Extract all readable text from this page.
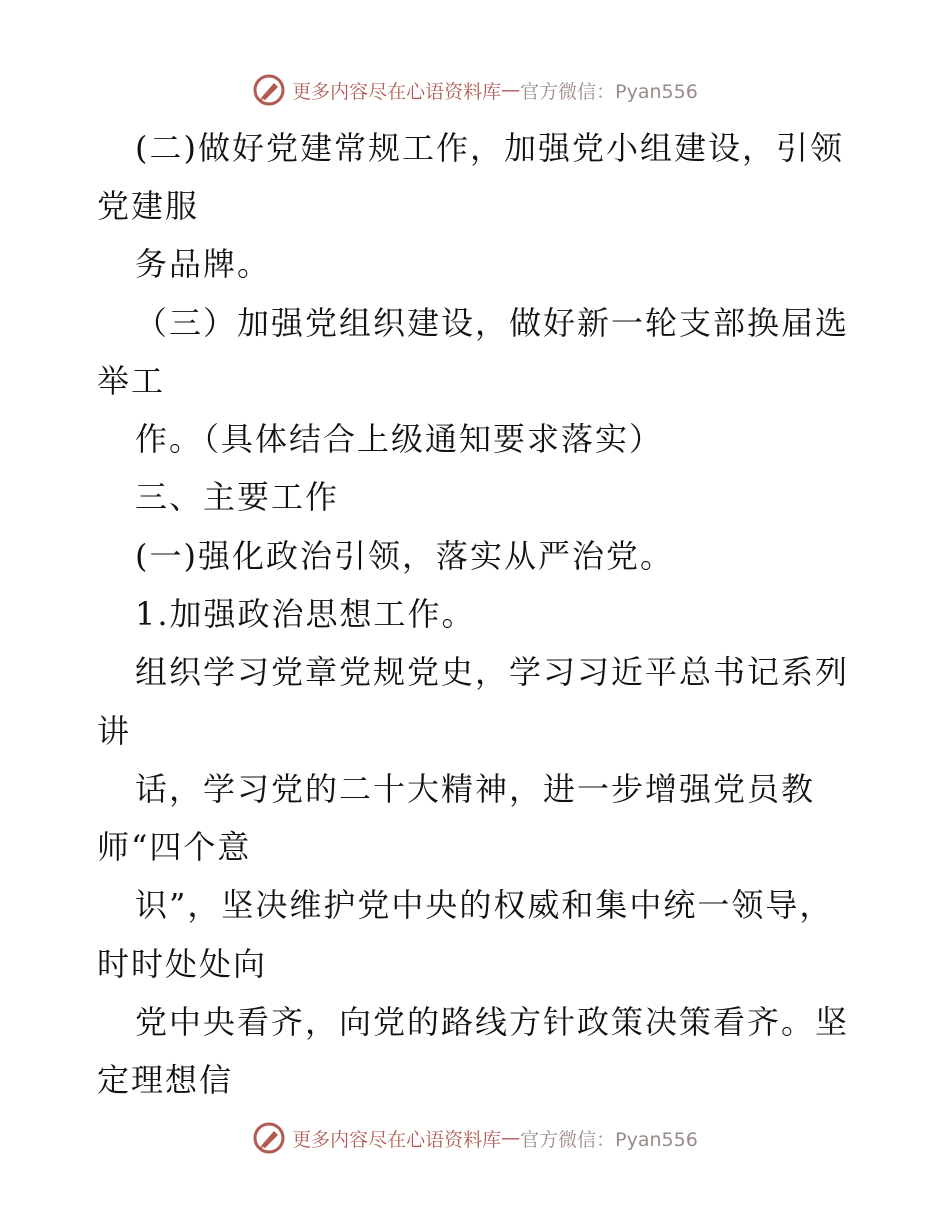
更多内容尽在心语资料库 — 官方微信：Pyan556
(二)做好党建常规工作，加强党小组建设，引领
党建服
务品牌。
（三）加强党组织建设，做好新一轮支部换届选
举工
作。（具体结合上级通知要求落实）
三、主要工作
(一)强化政治引领，落实从严治党。
1.加强政治思想工作。
组织学习党章党规党史，学习习近平总书记系列
讲
话，学习党的二十大精神，进一步增强党员教
师“四个意
识”，坚决维护党中央的权威和集中统一领导，
时时处处向
党中央看齐，向党的路线方针政策决策看齐。坚
定理想信
更多内容尽在心语资料库 — 官方微信：Pyan556
